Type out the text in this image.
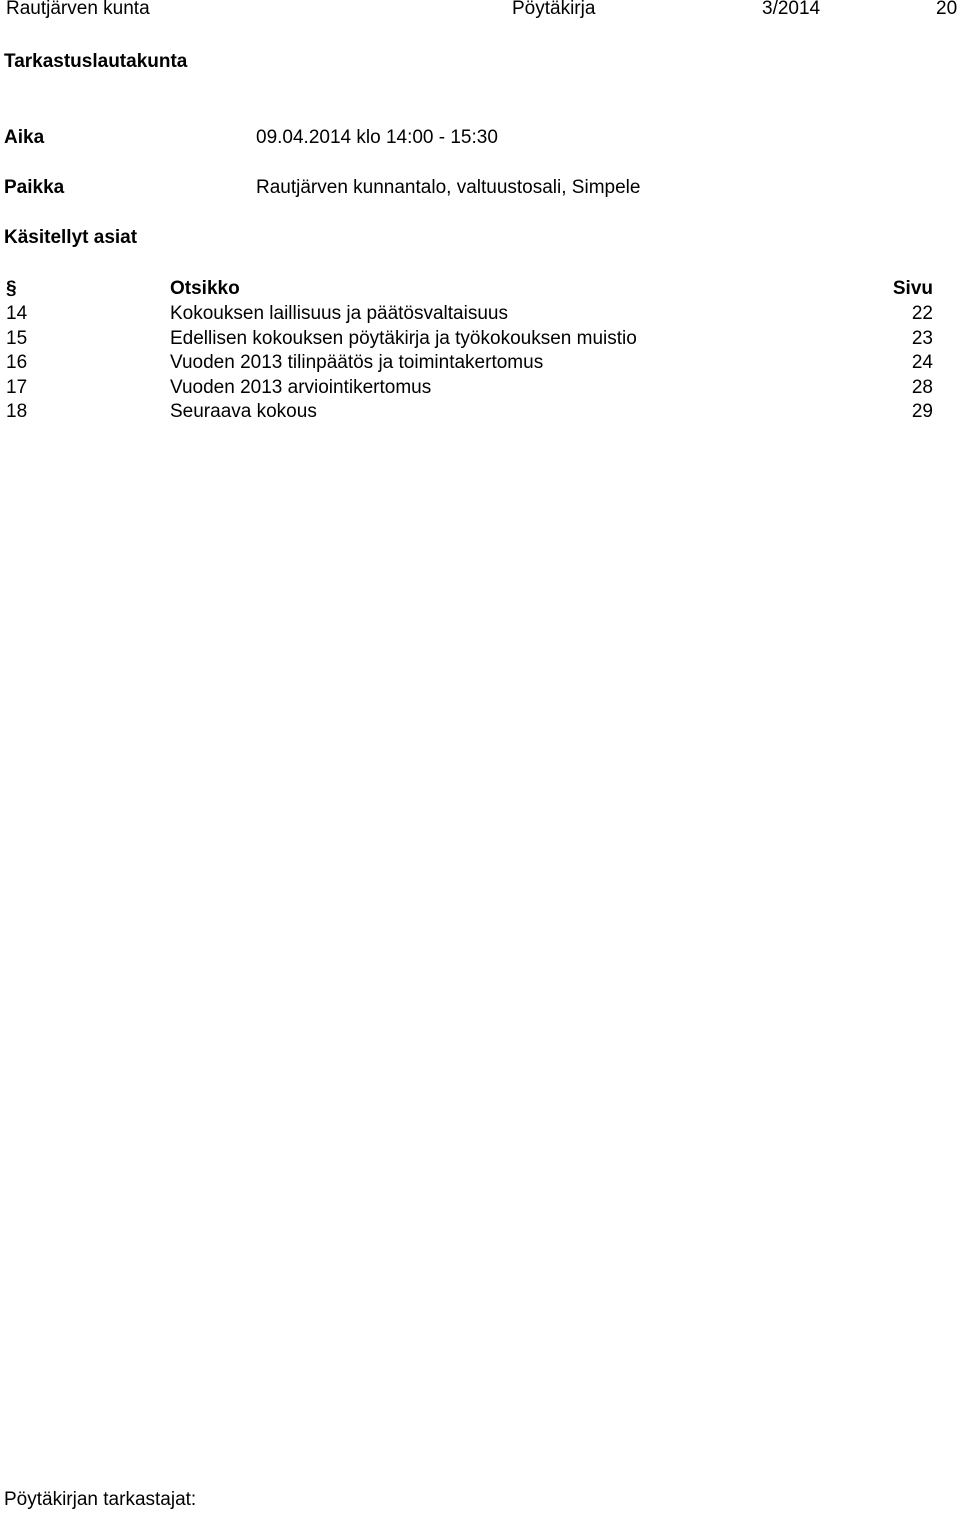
Rautjärven kunta	Pöytäkirja	3/2014	20
Tarkastuslautakunta
Aika	09.04.2014 klo 14:00 - 15:30
Paikka	Rautjärven kunnantalo, valtuustosali, Simpele
Käsitellyt asiat
§	Otsikko	Sivu
14	Kokouksen laillisuus ja päätösvaltaisuus	22
15	Edellisen kokouksen pöytäkirja ja työkokouksen muistio	23
16	Vuoden 2013 tilinpäätös ja toimintakertomus	24
17	Vuoden 2013 arviointikertomus	28
18	Seuraava kokous	29
Pöytäkirjan tarkastajat:
